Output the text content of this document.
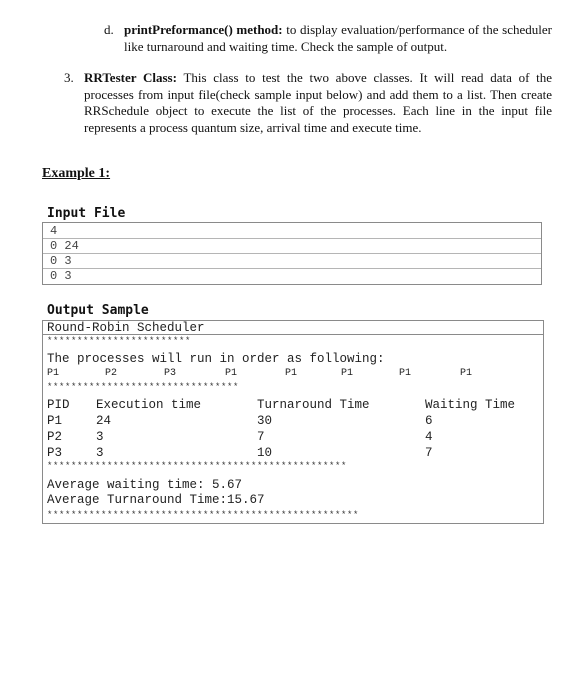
d. printPreformance() method: to display evaluation/performance of the scheduler like turnaround and waiting time. Check the sample of output.
3. RRTester Class: This class to test the two above classes. It will read data of the processes from input file(check sample input below) and add them to a list. Then create RRSchedule object to execute the list of the processes. Each line in the input file represents a process quantum size, arrival time and execute time.
Example 1:
Input File
4
0 24
0 3
0 3
Output Sample
Round-Robin Scheduler
************************
The processes will run in order as following:
P1	P2	P3	P1	P1	P1	P1	P1
********************************
PID Execution time	Turnaround Time	Waiting Time
P1	24	30	6
P2	3	7	4
P3	3	10	7
**************************************************
Average waiting time: 5.67
Average Turnaround Time:15.67
****************************************************
